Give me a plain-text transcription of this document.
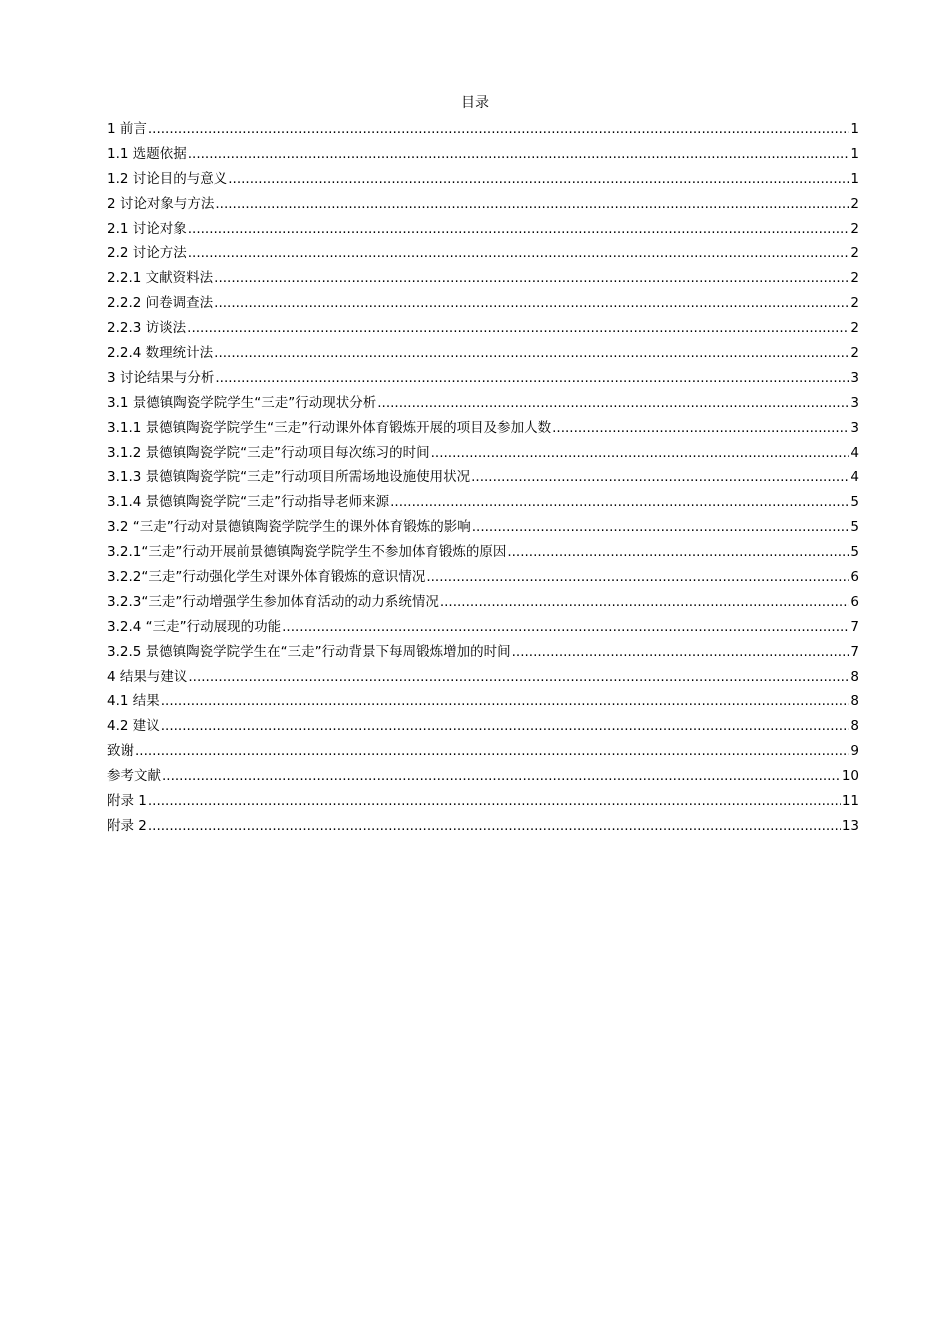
目录
1 前言 .....	1
1.1 选题依据 .....	1
1.2 讨论目的与意义 .....	1
2 讨论对象与方法 .....	2
2.1 讨论对象 .....	2
2.2 讨论方法 .....	2
2.2.1 文献资料法 .....	2
2.2.2 问卷调查法 .....	2
2.2.3 访谈法 .....	2
2.2.4 数理统计法 .....	2
3 讨论结果与分析 .....	3
3.1 景德镇陶瓷学院学生“三走”行动现状分析 .....	3
3.1.1 景德镇陶瓷学院学生“三走”行动课外体育锻炼开展的项目及参加人数 .....	3
3.1.2 景德镇陶瓷学院“三走”行动项目每次练习的时间 .....	4
3.1.3 景德镇陶瓷学院“三走”行动项目所需场地设施使用状况 .....	4
3.1.4 景德镇陶瓷学院“三走”行动指导老师来源 .....	5
3.2 “三走”行动对景德镇陶瓷学院学生的课外体育锻炼的影响 .....	5
3.2.1“三走”行动开展前景德镇陶瓷学院学生不参加体育锻炼的原因 .....	5
3.2.2“三走”行动强化学生对课外体育锻炼的意识情况 .....	6
3.2.3“三走”行动增强学生参加体育活动的动力系统情况 .....	6
3.2.4 “三走”行动展现的功能 .....	7
3.2.5 景德镇陶瓷学院学生在“三走”行动背景下每周锻炼增加的时间 .....	7
4 结果与建议 .....	8
4.1 结果 .....	8
4.2 建议 .....	8
致谢 .....	9
参考文献 .....	10
附录 1 .....	11
附录 2 .....	13
